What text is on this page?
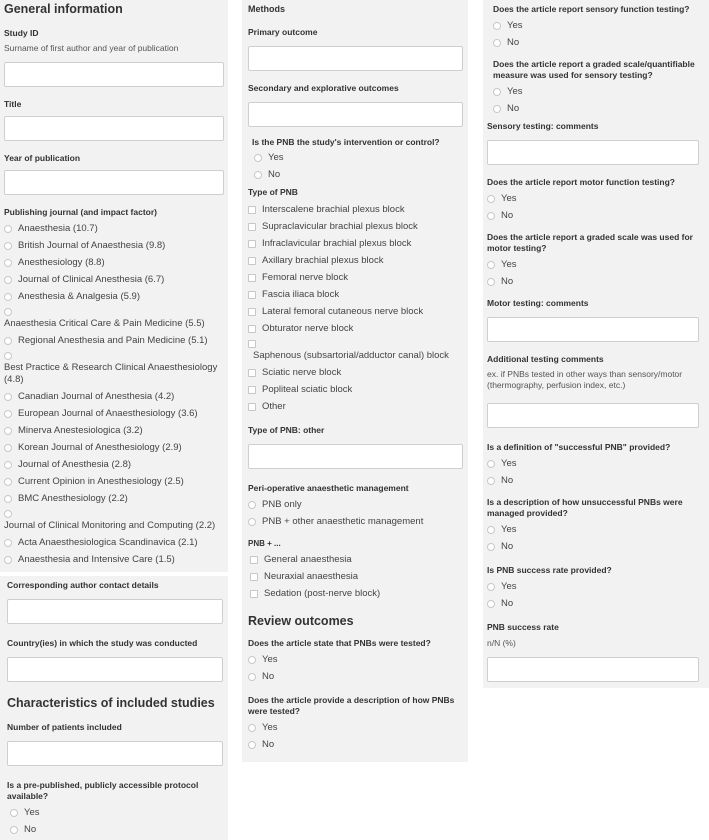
General information
Study ID
Surname of first author and year of publication
Title
Year of publication
Publishing journal (and impact factor)
Anaesthesia (10.7)
British Journal of Anaesthesia (9.8)
Anesthesiology (8.8)
Journal of Clinical Anesthesia (6.7)
Anesthesia & Analgesia (5.9)
Anaesthesia Critical Care & Pain Medicine (5.5)
Regional Anesthesia and Pain Medicine (5.1)
Best Practice & Research Clinical Anaesthesiology (4.8)
Canadian Journal of Anesthesia (4.2)
European Journal of Anaesthesiology (3.6)
Minerva Anestesiologica (3.2)
Korean Journal of Anesthesiology (2.9)
Journal of Anesthesia (2.8)
Current Opinion in Anesthesiology (2.5)
BMC Anesthesiology (2.2)
Journal of Clinical Monitoring and Computing (2.2)
Acta Anaesthesiologica Scandinavica (2.1)
Anaesthesia and Intensive Care (1.5)
Corresponding author contact details
Country(ies) in which the study was conducted
Characteristics of included studies
Number of patients included
Is a pre-published, publicly accessible protocol available?
Yes
No
Methods
Primary outcome
Secondary and explorative outcomes
Is the PNB the study's intervention or control?
Yes
No
Type of PNB
Interscalene brachial plexus block
Supraclavicular brachial plexus block
Infraclavicular brachial plexus block
Axillary brachial plexus block
Femoral nerve block
Fascia iliaca block
Lateral femoral cutaneous nerve block
Obturator nerve block
Saphenous (subsartorial/adductor canal) block
Sciatic nerve block
Popliteal sciatic block
Other
Type of PNB: other
Peri-operative anaesthetic management
PNB only
PNB + other anaesthetic management
PNB + ...
General anaesthesia
Neuraxial anaesthesia
Sedation (post-nerve block)
Review outcomes
Does the article state that PNBs were tested?
Yes
No
Does the article provide a description of how PNBs were tested?
Yes
No
Does the article report sensory function testing?
Yes
No
Does the article report a graded scale/quantifiable measure was used for sensory testing?
Yes
No
Sensory testing: comments
Does the article report motor function testing?
Yes
No
Does the article report a graded scale was used for motor testing?
Yes
No
Motor testing: comments
Additional testing comments
ex. if PNBs tested in other ways than sensory/motor (thermography, perfusion index, etc.)
Is a definition of "successful PNB" provided?
Yes
No
Is a description of how unsuccessful PNBs were managed provided?
Yes
No
Is PNB success rate provided?
Yes
No
PNB success rate
n/N (%)
